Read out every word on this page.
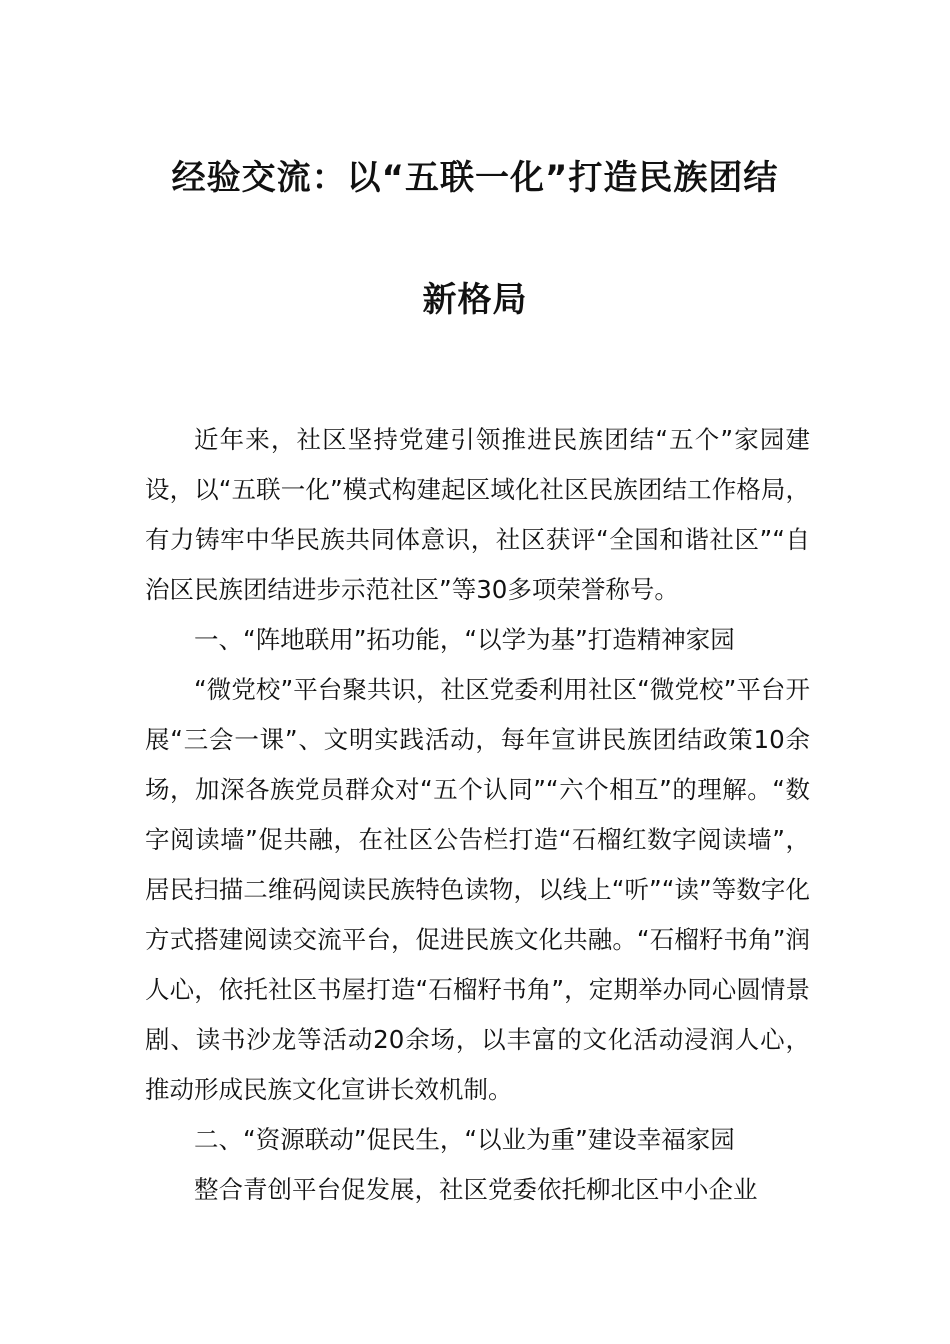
经验交流：以“五联一化”打造民族团结
新格局

近年来，社区坚持党建引领推进民族团结“五个”家园建设，以“五联一化”模式构建起区域化社区民族团结工作格局，有力铸牢中华民族共同体意识，社区获评“全国和谐社区”“自治区民族团结进步示范社区”等30多项荣誉称号。

一、“阵地联用”拓功能，“以学为基”打造精神家园

“微党校”平台聚共识，社区党委利用社区“微党校”平台开展“三会一课”、文明实践活动，每年宣讲民族团结政策10余场，加深各族党员群众对“五个认同”“六个相互”的理解。“数字阅读墙”促共融，在社区公告栏打造“石榴红数字阅读墙”，居民扫描二维码阅读民族特色读物，以线上“听”“读”等数字化方式搭建阅读交流平台，促进民族文化共融。“石榴籽书角”润人心，依托社区书屋打造“石榴籽书角”，定期举办同心圆情景剧、读书沙龙等活动20余场，以丰富的文化活动浸润人心，推动形成民族文化宣讲长效机制。

二、“资源联动”促民生，“以业为重”建设幸福家园

整合青创平台促发展，社区党委依托柳北区中小企业
